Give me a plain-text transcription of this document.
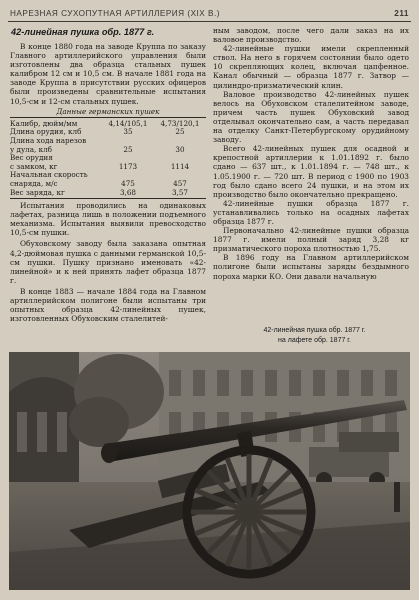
НАРЕЗНАЯ СУХОПУТНАЯ АРТИЛЛЕРИЯ (XIX В.)	211
42-линейная пушка обр. 1877 г.

В конце 1880 года на заводе Круппа по заказу Главного артиллерийского управления были изготовлены два образца стальных пушек калибром 12 см и 10,5 см. В начале 1881 года на заводе Круппа в присутствии русских офицеров были произведены сравнительные испытания 10,5-см и 12-см стальных пушек.

Данные германских пушек
Калибр, дюйм/мм	4,14/105,1	4,73/120,1
Длина орудия, клб	35	25
Длина хода нарезов		
у дула, клб	25	30
Вес орудия		
с замком, кг	1173	1114
Начальная скорость		
снаряда, м/с	475	457
Вес заряда, кг	3,68	3,57

Испытания проводились на одинаковых лафетах, разница лишь в положении подъемного механизма. Испытания выявили превосходство 10,5-см пушки.

Обуховскому заводу была заказана опытная 4,2-дюймовая пушка с данными германской 10,5-см пушки. Пушку признано именовать «42-линейной» и к ней принять лафет образца 1877 г.

В конце 1883 — начале 1884 года на Главном артиллерийском полигоне были испытаны три опытных образца 42-линейных пушек, изготовленных Обуховским сталелитей-

ным заводом, после чего дали заказ на их валовое производство.

42-линейные пушки имели скрепленный ствол. На него в горячем состоянии было одето 10 скрепляющих колец, включая цапфенное. Канал обычный — образца 1877 г. Затвор — цилиндро-призматический клин.

Валовое производство 42-линейных пушек велось на Обуховском сталелитейном заводе, причем часть пушек Обуховский завод отделывал окончательно сам, а часть передавал на отделку Санкт-Петербургскому орудийному заводу.

Всего 42-линейных пушек для осадной и крепостной артиллерии к 1.01.1892 г. было сдано — 637 шт., к 1.01.1894 г. — 748 шт., к 1.05.1900 г. — 720 шт. В период с 1900 по 1903 год было сдано всего 24 пушки, и на этом их производство было окончательно прекращено.

42-линейные пушки образца 1877 г. устанавливались только на осадных лафетах образца 1877 г.

Первоначально 42-линейные пушки образца 1877 г. имели полный заряд 3,28 кг призматического пороха плотностью 1,75.

В 1896 году на Главном артиллерийском полигоне были испытаны заряды бездымного пороха марки КО. Они давали начальную

42-линейная пушка обр. 1877 г.
на лафете обр. 1877 г.
